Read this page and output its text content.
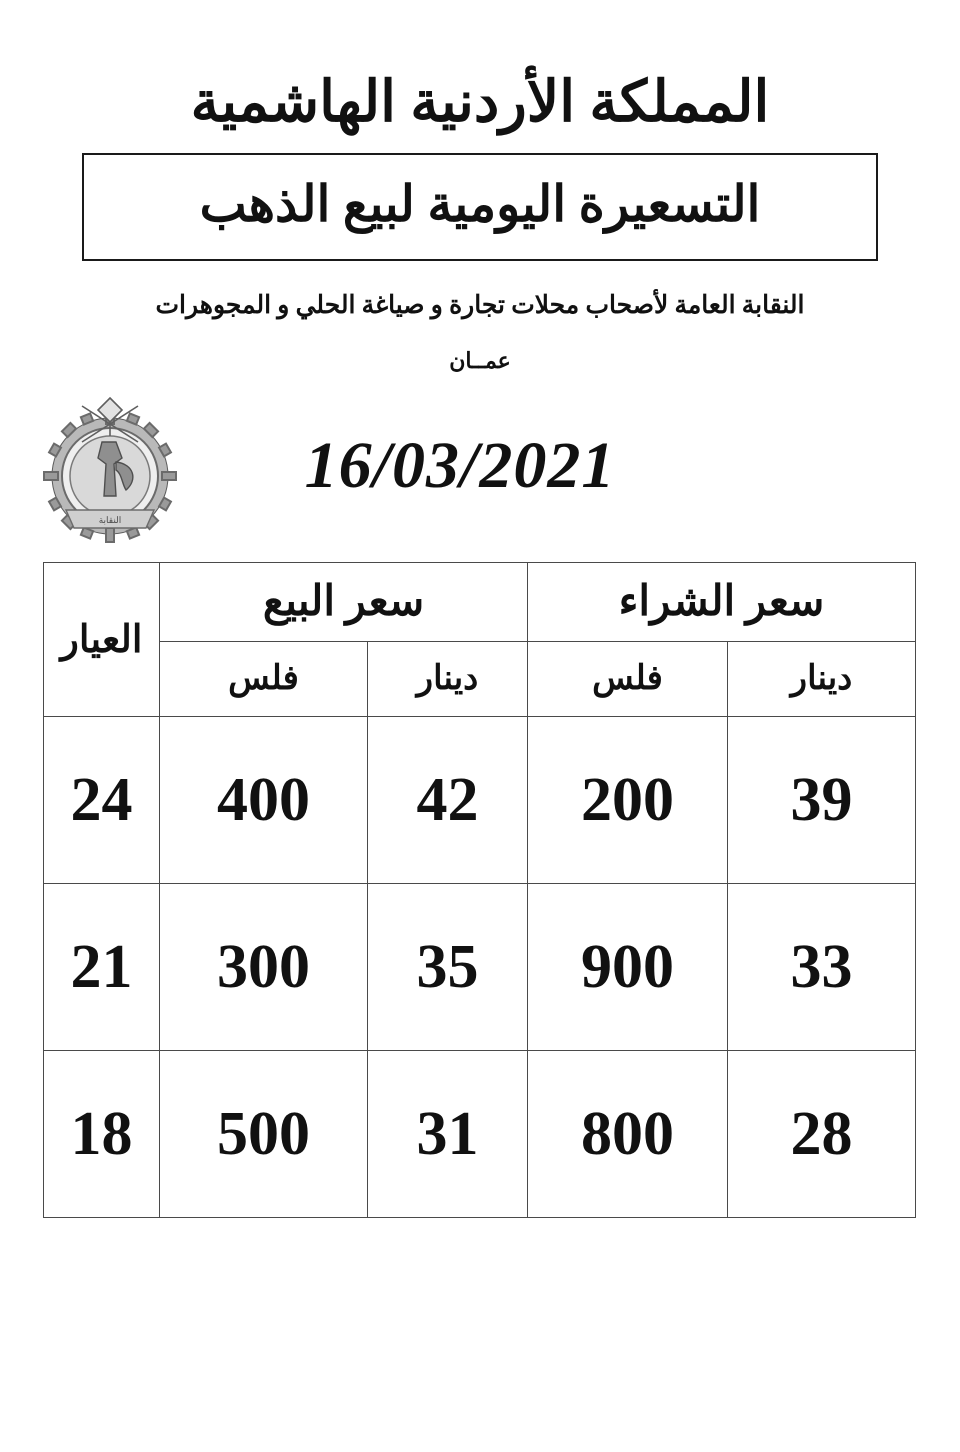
المملكة الأردنية الهاشمية
التسعيرة اليومية لبيع الذهب
النقابة العامة لأصحاب محلات تجارة و صياغة الحلي و المجوهرات
عمــان
النقابة
16/03/2021
سعر الشراء		سعر البيع		العيار
دينار	فلس	دينار	فلس	
39	200	42	400	24
33	900	35	300	21
28	800	31	500	18
